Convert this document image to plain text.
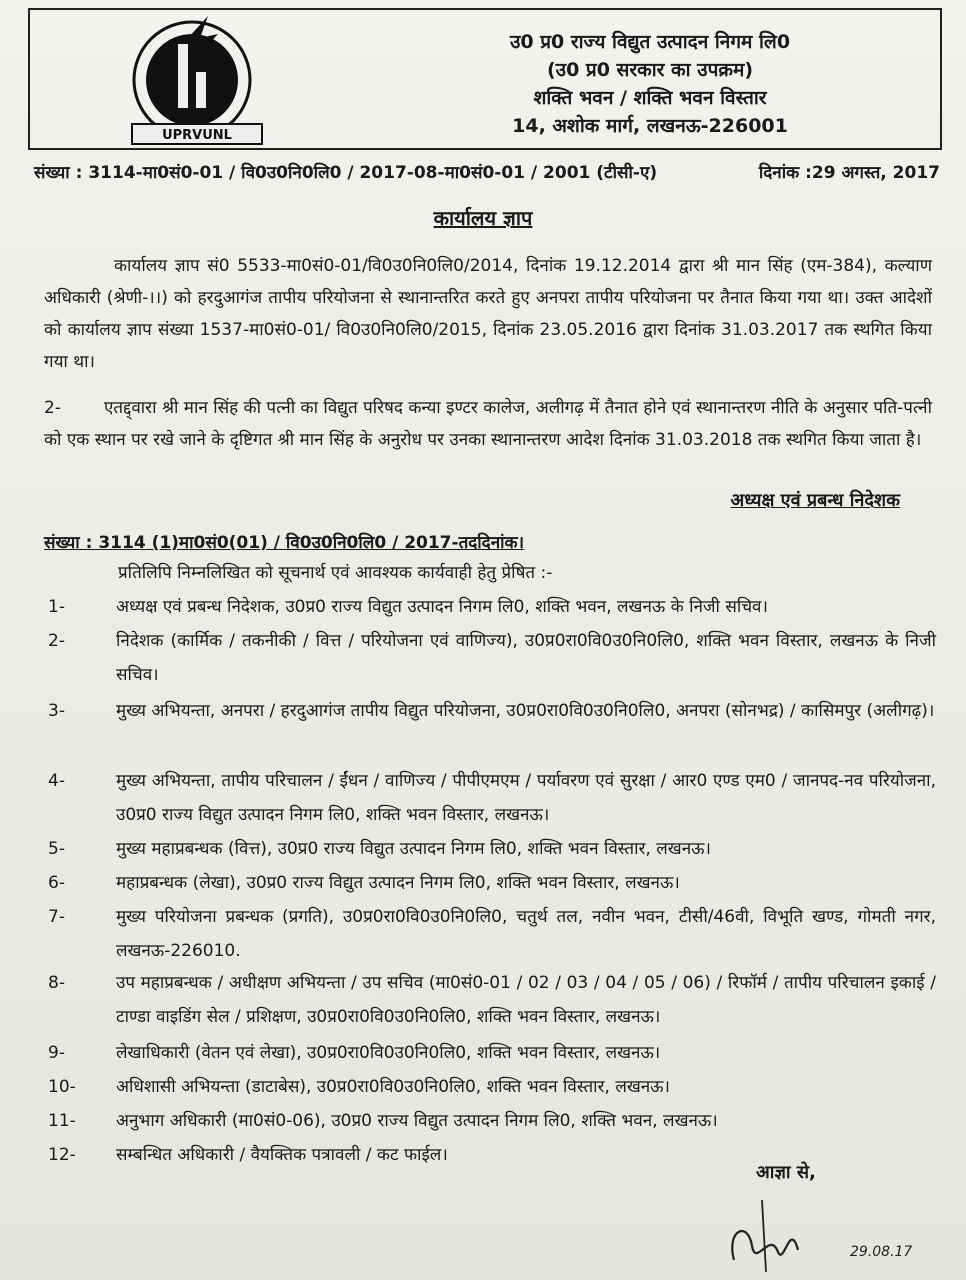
UPRVUNL
उ0 प्र0 राज्य विद्युत उत्पादन निगम लि0
(उ0 प्र0 सरकार का उपक्रम)
शक्ति भवन / शक्ति भवन विस्तार
14, अशोक मार्ग, लखनऊ-226001
संख्या : 3114-मा0सं0-01 / वि0उ0नि0लि0 / 2017-08-मा0सं0-01 / 2001 (टीसी-ए)	दिनांक :29 अगस्त, 2017
कार्यालय ज्ञाप
कार्यालय ज्ञाप सं0 5533-मा0सं0-01/वि0उ0नि0लि0/2014, दिनांक 19.12.2014 द्वारा श्री मान सिंह (एम-384), कल्याण अधिकारी (श्रेणी-।।) को हरदुआगंज तापीय परियोजना से स्थानान्तरित करते हुए अनपरा तापीय परियोजना पर तैनात किया गया था। उक्त आदेशों को कार्यालय ज्ञाप संख्या 1537-मा0सं0-01/ वि0उ0नि0लि0/2015, दिनांक 23.05.2016 द्वारा दिनांक 31.03.2017 तक स्थगित किया गया था।
2-	एतद्द्वारा श्री मान सिंह की पत्नी का विद्युत परिषद कन्या इण्टर कालेज, अलीगढ़ में तैनात होने एवं स्थानान्तरण नीति के अनुसार पति-पत्नी को एक स्थान पर रखे जाने के दृष्टिगत श्री मान सिंह के अनुरोध पर उनका स्थानान्तरण आदेश दिनांक 31.03.2018 तक स्थगित किया जाता है।
अध्यक्ष एवं प्रबन्ध निदेशक
संख्या : 3114 (1)मा0सं0(01) / वि0उ0नि0लि0 / 2017-तददिनांक।
प्रतिलिपि निम्नलिखित को सूचनार्थ एवं आवश्यक कार्यवाही हेतु प्रेषित :-
1-	अध्यक्ष एवं प्रबन्ध निदेशक, उ0प्र0 राज्य विद्युत उत्पादन निगम लि0, शक्ति भवन, लखनऊ के निजी सचिव।
2-	निदेशक (कार्मिक / तकनीकी / वित्त / परियोजना एवं वाणिज्य), उ0प्र0रा0वि0उ0नि0लि0, शक्ति भवन विस्तार, लखनऊ के निजी सचिव।
3-	मुख्य अभियन्ता, अनपरा / हरदुआगंज तापीय विद्युत परियोजना, उ0प्र0रा0वि0उ0नि0लि0, अनपरा (सोनभद्र) / कासिमपुर (अलीगढ़)।
4-	मुख्य अभियन्ता, तापीय परिचालन / ईंधन / वाणिज्य / पीपीएमएम / पर्यावरण एवं सुरक्षा / आर0 एण्ड एम0 / जानपद-नव परियोजना, उ0प्र0 राज्य विद्युत उत्पादन निगम लि0, शक्ति भवन विस्तार, लखनऊ।
5-	मुख्य महाप्रबन्धक (वित्त), उ0प्र0 राज्य विद्युत उत्पादन निगम लि0, शक्ति भवन विस्तार, लखनऊ।
6-	महाप्रबन्धक (लेखा), उ0प्र0 राज्य विद्युत उत्पादन निगम लि0, शक्ति भवन विस्तार, लखनऊ।
7-	मुख्य परियोजना प्रबन्धक (प्रगति), उ0प्र0रा0वि0उ0नि0लि0, चतुर्थ तल, नवीन भवन, टीसी/46वी, विभूति खण्ड, गोमती नगर, लखनऊ-226010.
8-	उप महाप्रबन्धक / अधीक्षण अभियन्ता / उप सचिव (मा0सं0-01 / 02 / 03 / 04 / 05 / 06) / रिफॉर्म / तापीय परिचालन इकाई / टाण्डा वाइडिंग सेल / प्रशिक्षण, उ0प्र0रा0वि0उ0नि0लि0, शक्ति भवन विस्तार, लखनऊ।
9-	लेखाधिकारी (वेतन एवं लेखा), उ0प्र0रा0वि0उ0नि0लि0, शक्ति भवन विस्तार, लखनऊ।
10-	अधिशासी अभियन्ता (डाटाबेस), उ0प्र0रा0वि0उ0नि0लि0, शक्ति भवन विस्तार, लखनऊ।
11-	अनुभाग अधिकारी (मा0सं0-06), उ0प्र0 राज्य विद्युत उत्पादन निगम लि0, शक्ति भवन, लखनऊ।
12-	सम्बन्धित अधिकारी / वैयक्तिक पत्रावली / कट फाईल।
आज्ञा से,
29.08.17
